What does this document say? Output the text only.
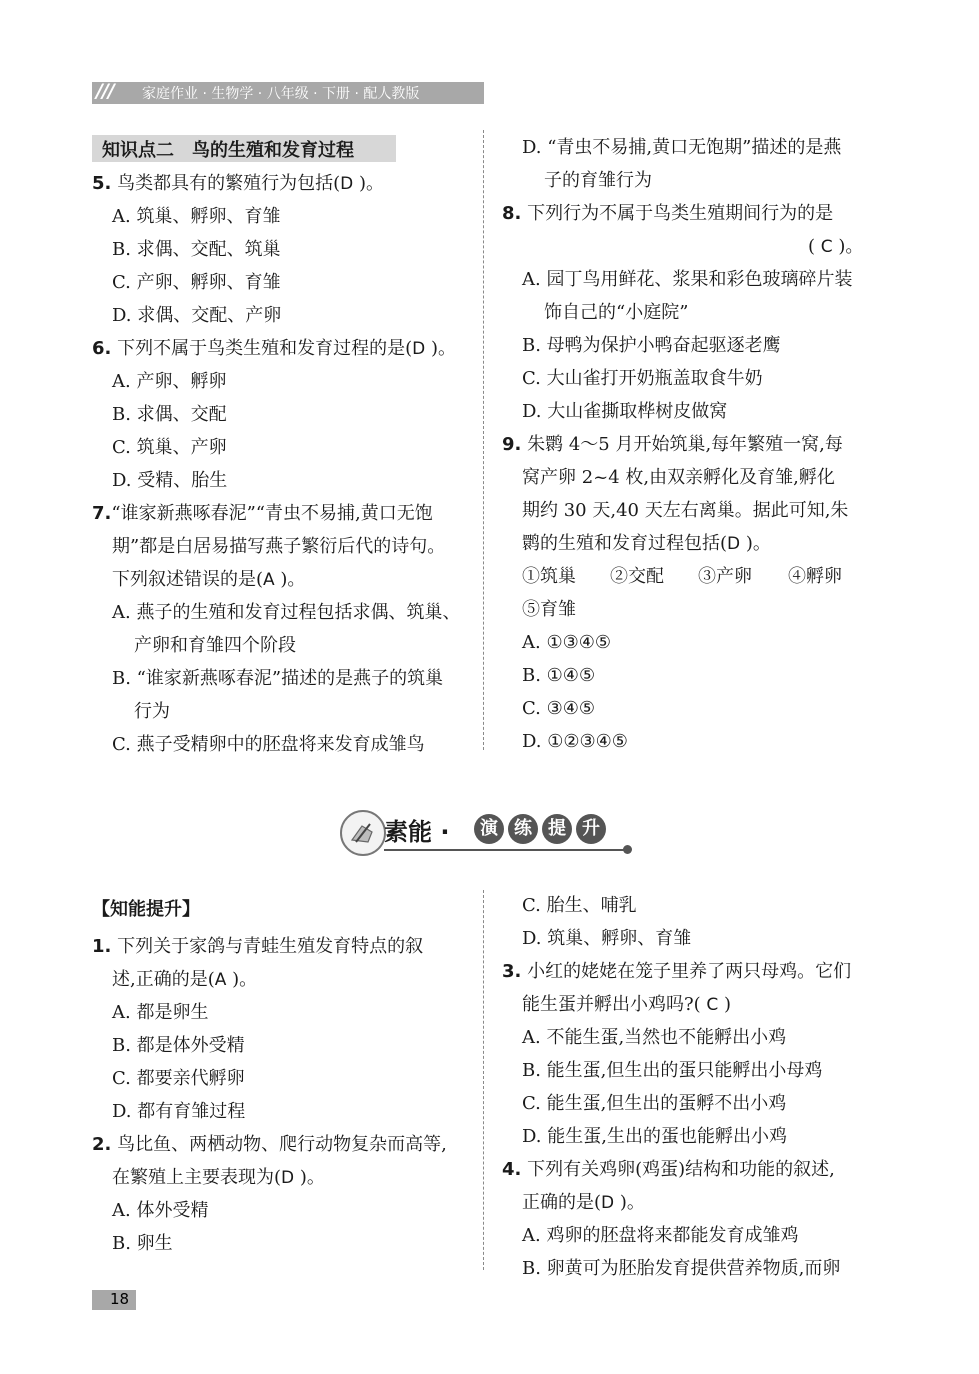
/// 家庭作业 · 生物学 · 八年级 · 下册 · 配人教版
知识点二　鸟的生殖和发育过程
5. 鸟类都具有的繁殖行为包括(D )。
A. 筑巢、孵卵、育雏
B. 求偶、交配、筑巢
C. 产卵、孵卵、育雏
D. 求偶、交配、产卵
6. 下列不属于鸟类生殖和发育过程的是(D )。
A. 产卵、孵卵
B. 求偶、交配
C. 筑巢、产卵
D. 受精、胎生
7.“谁家新燕啄春泥”“青虫不易捕,黄口无饱
期”都是白居易描写燕子繁衍后代的诗句。
下列叙述错误的是(A )。
A. 燕子的生殖和发育过程包括求偶、筑巢、
产卵和育雏四个阶段
B. “谁家新燕啄春泥”描述的是燕子的筑巢
行为
C. 燕子受精卵中的胚盘将来发育成雏鸟
D. “青虫不易捕,黄口无饱期”描述的是燕
子的育雏行为
8. 下列行为不属于鸟类生殖期间行为的是
( C )。
A. 园丁鸟用鲜花、浆果和彩色玻璃碎片装
饰自己的“小庭院”
B. 母鸭为保护小鸭奋起驱逐老鹰
C. 大山雀打开奶瓶盖取食牛奶
D. 大山雀撕取桦树皮做窝
9. 朱鹮 4～5 月开始筑巢,每年繁殖一窝,每
窝产卵 2~4 枚,由双亲孵化及育雏,孵化
期约 30 天,40 天左右离巢。据此可知,朱
鹮的生殖和发育过程包括(D )。
①筑巢 ②交配 ③产卵 ④孵卵
⑤育雏
A. ①③④⑤
B. ①④⑤
C. ③④⑤
D. ①②③④⑤
素能 ·	演 练 提 升
【知能提升】
1. 下列关于家鸽与青蛙生殖发育特点的叙
述,正确的是(A )。
A. 都是卵生
B. 都是体外受精
C. 都要亲代孵卵
D. 都有育雏过程
2. 鸟比鱼、两栖动物、爬行动物复杂而高等,
在繁殖上主要表现为(D )。
A. 体外受精
B. 卵生
C. 胎生、哺乳
D. 筑巢、孵卵、育雏
3. 小红的姥姥在笼子里养了两只母鸡。它们
能生蛋并孵出小鸡吗?( C )
A. 不能生蛋,当然也不能孵出小鸡
B. 能生蛋,但生出的蛋只能孵出小母鸡
C. 能生蛋,但生出的蛋孵不出小鸡
D. 能生蛋,生出的蛋也能孵出小鸡
4. 下列有关鸡卵(鸡蛋)结构和功能的叙述,
正确的是(D )。
A. 鸡卵的胚盘将来都能发育成雏鸡
B. 卵黄可为胚胎发育提供营养物质,而卵
18
